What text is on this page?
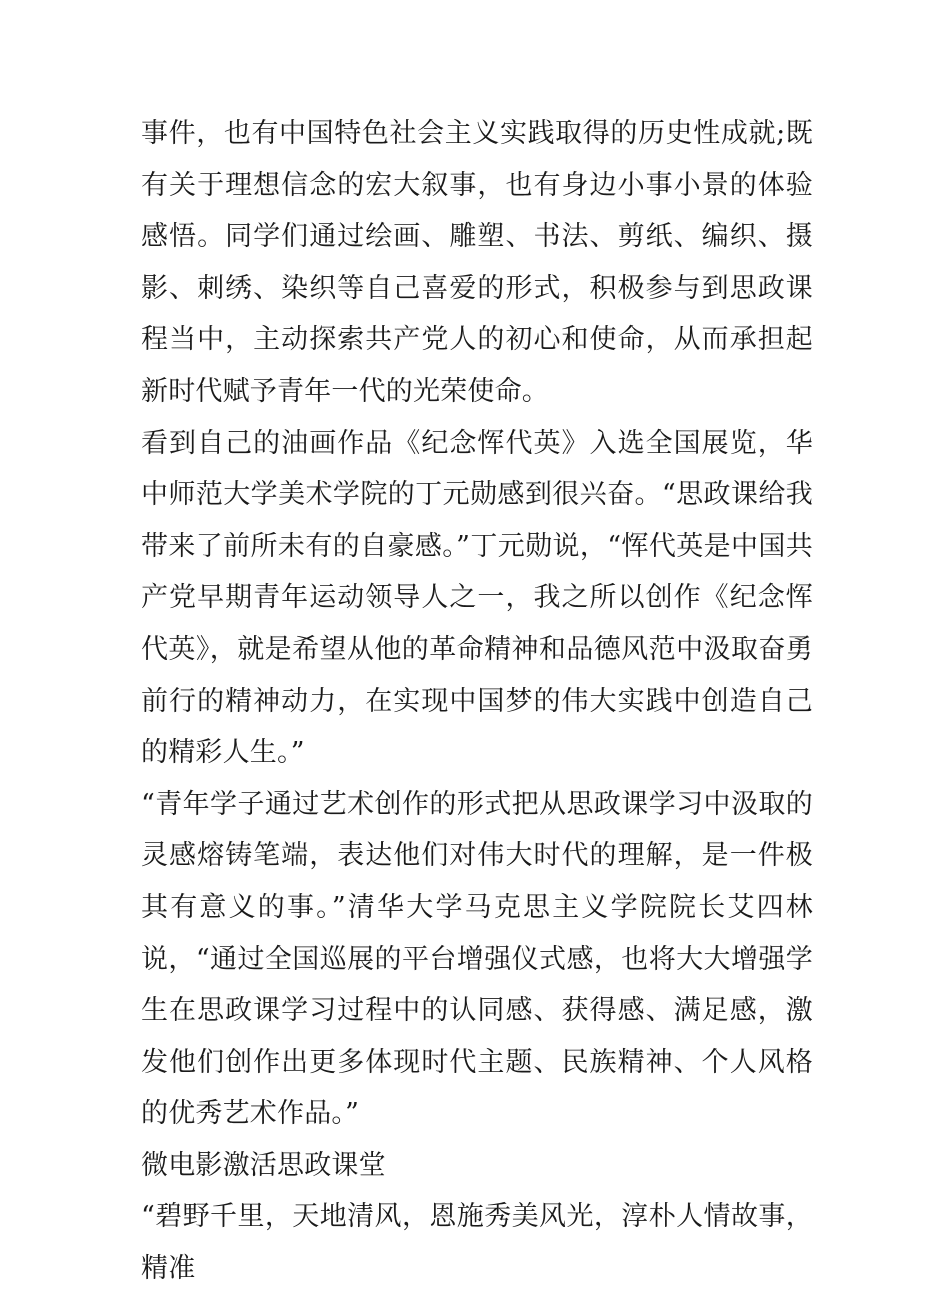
事件，也有中国特色社会主义实践取得的历史性成就;既有关于理想信念的宏大叙事，也有身边小事小景的体验感悟。同学们通过绘画、雕塑、书法、剪纸、编织、摄影、刺绣、染织等自己喜爱的形式，积极参与到思政课程当中，主动探索共产党人的初心和使命，从而承担起新时代赋予青年一代的光荣使命。

看到自己的油画作品《纪念恽代英》入选全国展览，华中师范大学美术学院的丁元勋感到很兴奋。“思政课给我带来了前所未有的自豪感。”丁元勋说，“恽代英是中国共产党早期青年运动领导人之一，我之所以创作《纪念恽代英》，就是希望从他的革命精神和品德风范中汲取奋勇前行的精神动力，在实现中国梦的伟大实践中创造自己的精彩人生。”

“青年学子通过艺术创作的形式把从思政课学习中汲取的灵感熔铸笔端，表达他们对伟大时代的理解，是一件极其有意义的事。”清华大学马克思主义学院院长艾四林说，“通过全国巡展的平台增强仪式感，也将大大增强学生在思政课学习过程中的认同感、获得感、满足感，激发他们创作出更多体现时代主题、民族精神、个人风格的优秀艺术作品。”

微电影激活思政课堂

“碧野千里，天地清风，恩施秀美风光，淳朴人情故事，精准
